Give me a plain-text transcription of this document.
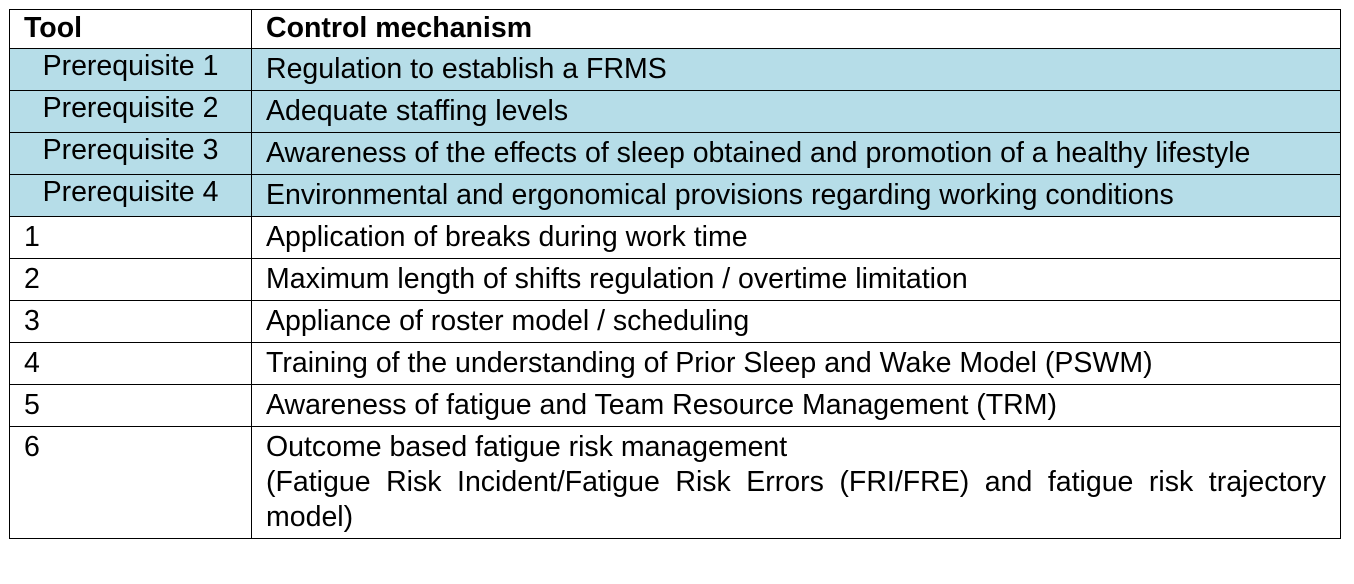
Tool	Control mechanism
Prerequisite 1	Regulation to establish a FRMS
Prerequisite 2	Adequate staffing levels
Prerequisite 3	Awareness of the effects of sleep obtained and promotion of a healthy lifestyle
Prerequisite 4	Environmental and ergonomical provisions regarding working conditions
1	Application of breaks during work time
2	Maximum length of shifts regulation / overtime limitation
3	Appliance of roster model / scheduling
4	Training of the understanding of Prior Sleep and Wake Model (PSWM)
5	Awareness of fatigue and Team Resource Management (TRM)
6	Outcome based fatigue risk management
(Fatigue Risk Incident/Fatigue Risk Errors (FRI/FRE) and fatigue risk trajectory model)
